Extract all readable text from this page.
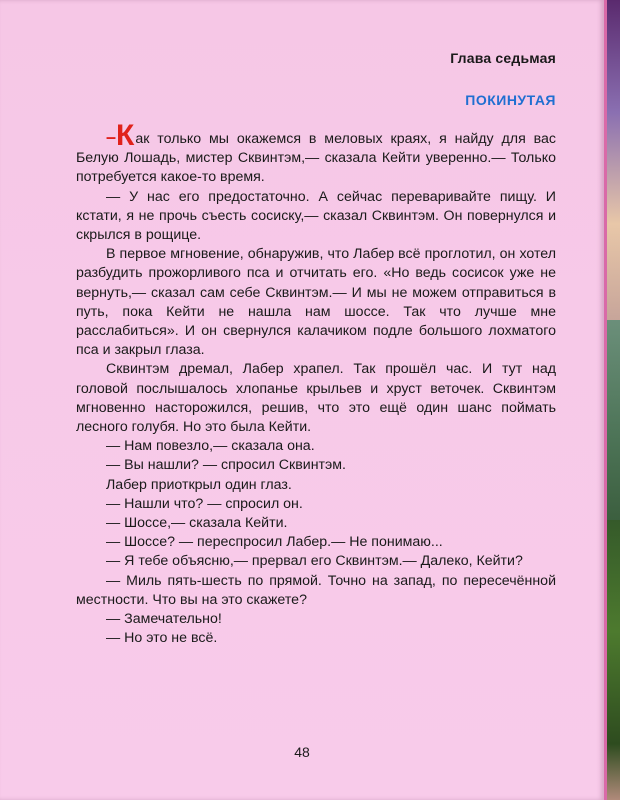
Глава седьмая
ПОКИНУТАЯ

–Как только мы окажемся в меловых краях, я найду для вас Белую Лошадь, мистер Сквинтэм,— сказала Кейти уверенно.— Только потребуется какое-то время.

— У нас его предостаточно. А сейчас переваривайте пищу. И кстати, я не прочь съесть сосиску,— сказал Сквинтэм. Он повернулся и скрылся в рощице.

В первое мгновение, обнаружив, что Лабер всё проглотил, он хотел разбудить прожорливого пса и отчитать его. «Но ведь сосисок уже не вернуть,— сказал сам себе Сквинтэм.— И мы не можем отправиться в путь, пока Кейти не нашла нам шоссе. Так что лучше мне расслабиться». И он свернулся калачиком подле большого лохматого пса и закрыл глаза.

Сквинтэм дремал, Лабер храпел. Так прошёл час. И тут над головой послышалось хлопанье крыльев и хруст веточек. Сквинтэм мгновенно насторожился, решив, что это ещё один шанс поймать лесного голубя. Но это была Кейти.

— Нам повезло,— сказала она.

— Вы нашли? — спросил Сквинтэм.

Лабер приоткрыл один глаз.

— Нашли что? — спросил он.

— Шоссе,— сказала Кейти.

— Шоссе? — переспросил Лабер.— Не понимаю...

— Я тебе объясню,— прервал его Сквинтэм.— Далеко, Кейти?

— Миль пять-шесть по прямой. Точно на запад, по пересечённой местности. Что вы на это скажете?

— Замечательно!

— Но это не всё.

48
